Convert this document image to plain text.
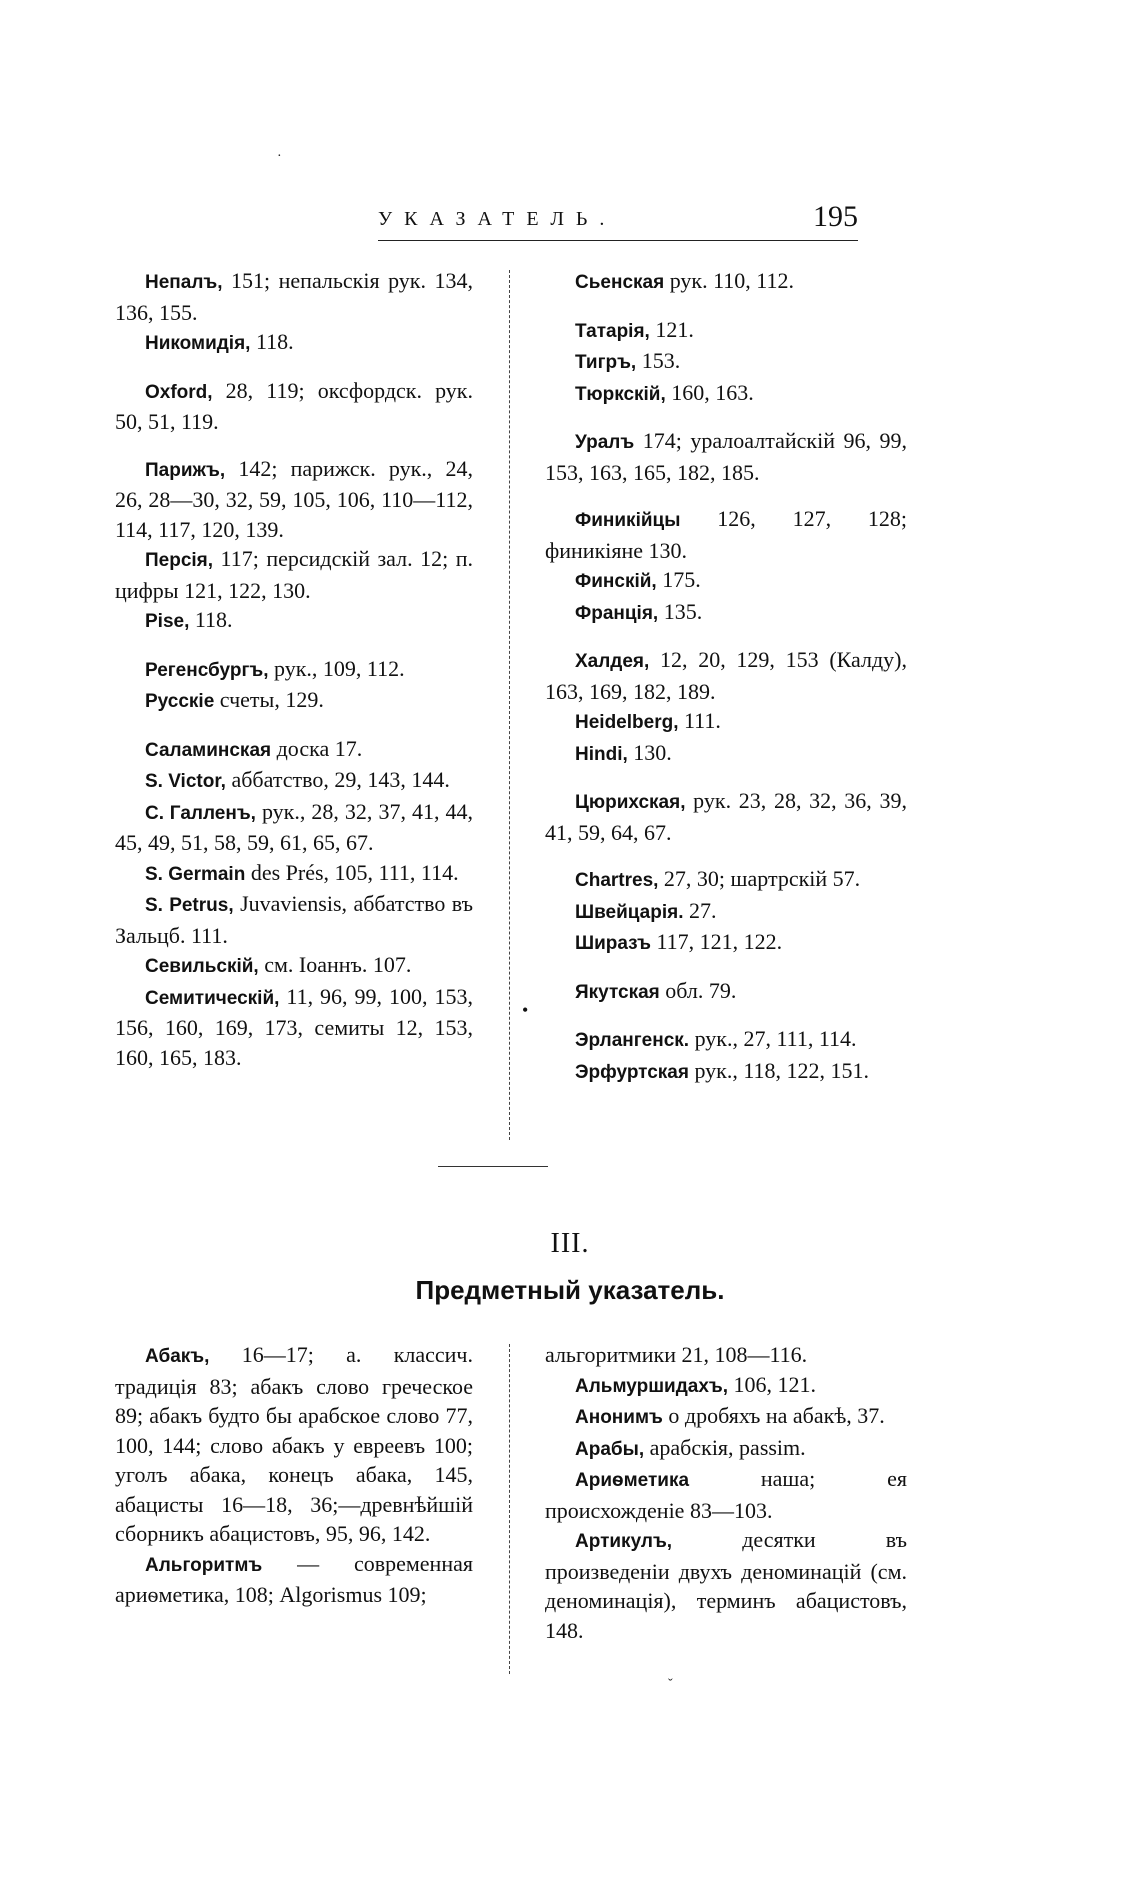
·
УКАЗАТЕЛЬ.	195

Непалъ, 151; непальскія рук. 134, 136, 155.

Никомидія, 118.

Oxford, 28, 119; оксфордск. рук. 50, 51, 119.

Парижъ, 142; парижск. рук., 24, 26, 28—30, 32, 59, 105, 106, 110—112, 114, 117, 120, 139.

Персія, 117; персидскій зал. 12; п. цифры 121, 122, 130.

Pise, 118.

Регенсбургъ, рук., 109, 112.

Русскіе счеты, 129.

Саламинская доска 17.

S. Victor, аббатство, 29, 143, 144.

С. Галленъ, рук., 28, 32, 37, 41, 44, 45, 49, 51, 58, 59, 61, 65, 67.

S. Germain des Prés, 105, 111, 114.

S. Petrus, Juvaviensis, аббатство въ Зальцб. 111.

Севильскій, см. Іоаннъ. 107.

Семитическій, 11, 96, 99, 100, 153, 156, 160, 169, 173, семиты 12, 153, 160, 165, 183.

Сьенская рук. 110, 112.

Татарія, 121.

Тигръ, 153.

Тюркскій, 160, 163.

Уралъ 174; уралоалтайскій 96, 99, 153, 163, 165, 182, 185.

Финикійцы 126, 127, 128; финикіяне 130.

Финскій, 175.

Франція, 135.

Халдея, 12, 20, 129, 153 (Калду), 163, 169, 182, 189.

Heidelberg, 111.

Hindi, 130.

Цюрихская, рук. 23, 28, 32, 36, 39, 41, 59, 64, 67.

Chartres, 27, 30; шартрскій 57.

Швейцарія. 27.

Ширазъ 117, 121, 122.

Якутская обл. 79.

Эрлангенск. рук., 27, 111, 114.

Эрфуртская рук., 118, 122, 151.

•
III.
Предметный указатель.

Абакъ, 16—17; а. классич. традиція 83; абакъ слово греческое 89; абакъ будто бы арабское слово 77, 100, 144; слово абакъ у евреевъ 100; уголъ абака, конецъ абака, 145, абацисты 16—18, 36;—древнѣйшій сборникъ абацистовъ, 95, 96, 142.

Альгоритмъ — современная ариѳметика, 108; Algorismus 109;

альгоритмики 21, 108—116.

Альмуршидахъ, 106, 121.

Анонимъ о дробяхъ на абакѣ, 37.

Арабы, арабскія, passim.

Ариѳметика наша; ея происхожденіе 83—103.

Артикулъ, десятки въ произведеніи двухъ деноминацій (см. деноминація), терминъ абацистовъ, 148.

ˇ
